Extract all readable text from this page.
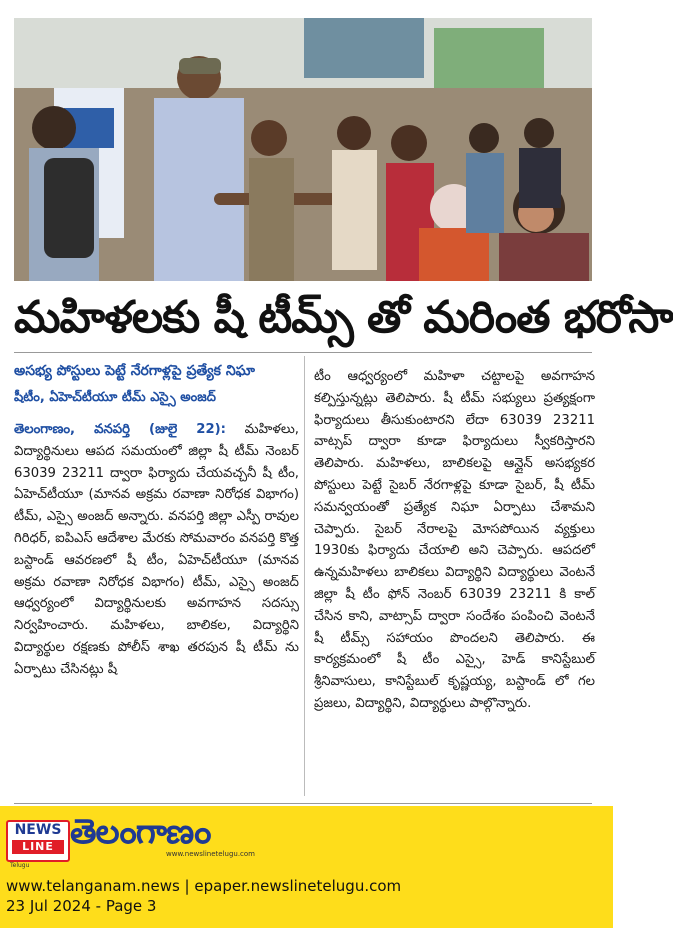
మహిళలకు షీ టీమ్స్ తో మరింత భరోసా
అసభ్య పోస్టులు పెట్టే నేరగాళ్లపై ప్రత్యేక నిఘా
షీటీం, ఏహెచ్‌టీయూ టీమ్‌ ఎస్సై అంజద్
తెలంగాణం, వనపర్తి (జులై 22): మహిళలు, విద్యార్థినులు ఆపద సమయంలో జిల్లా షీ టీమ్ నెంబర్ 63039 23211 ద్వారా ఫిర్యాదు చేయవచ్చనీ షీ టీం, ఏహెచ్‌టీయూ (మానవ అక్రమ రవాణా నిరోధక విభాగం) టీమ్, ఎస్సై అంజద్ అన్నారు. వనపర్తి జిల్లా ఎస్పీ రావుల గిరిధర్, ఐపిఎస్ ఆదేశాల మేరకు సోమవారం వనపర్తి కొత్త బస్టాండ్ ఆవరణలో షీ టీం, ఏహెచ్‌టీయూ (మానవ అక్రమ రవాణా నిరోధక విభాగం) టీమ్, ఎస్సై అంజద్ ఆధ్వర్యంలో విద్యార్థినులకు అవగాహన సదస్సు నిర్వహించారు. మహిళలు, బాలికల, విద్యార్థిని విద్యార్థుల రక్షణకు పోలీస్ శాఖ తరపున షీ టీమ్ ను ఏర్పాటు చేసినట్లు షీ
టీం ఆధ్వర్యంలో మహిళా చట్టాలపై అవగాహన కల్పిస్తున్నట్లు తెలిపారు. షీ టీమ్ సభ్యులు ప్రత్యక్షంగా ఫిర్యాదులు తీసుకుంటారని లేదా 63039 23211 వాట్సప్ ద్వారా కూడా ఫిర్యాదులు స్వీకరిస్తారని తెలిపారు. మహిళలు, బాలికలపై ఆన్లైన్ అసభ్యకర పోస్టులు పెట్టే సైబర్ నేరగాళ్లపై కూడా సైబర్, షీ టీమ్ సమన్వయంతో ప్రత్యేక నిఘా ఏర్పాటు చేశామని చెప్పారు. సైబర్ నేరాలపై మోసపోయిన వ్యక్తులు 1930కు ఫిర్యాదు చేయాలి అని చెప్పారు. ఆపదలో ఉన్నమహిళలు బాలికలు విద్యార్థిని విద్యార్థులు వెంటనే జిల్లా షీ టీం ఫోన్ నెంబర్ 63039 23211 కి కాల్ చేసిన కాని, వాట్సాప్ ద్వారా సందేశం పంపించి వెంటనే షీ టీమ్స్ సహాయం పొందలని తెలిపారు. ఈ కార్యక్రమంలో షీ టీం ఎస్సై, హెడ్ కానిస్టేబుల్ శ్రీనివాసులు, కానిస్టేబుల్ కృష్ణయ్య, బస్టాండ్ లో గల ప్రజలు, విద్యార్థిని, విద్యార్థులు పాల్గొన్నారు.
NEWS
LINE
Telugu
తెలంగాణం
www.newslinetelugu.com
www.telanganam.news | epaper.newslinetelugu.com
23 Jul 2024 - Page 3
